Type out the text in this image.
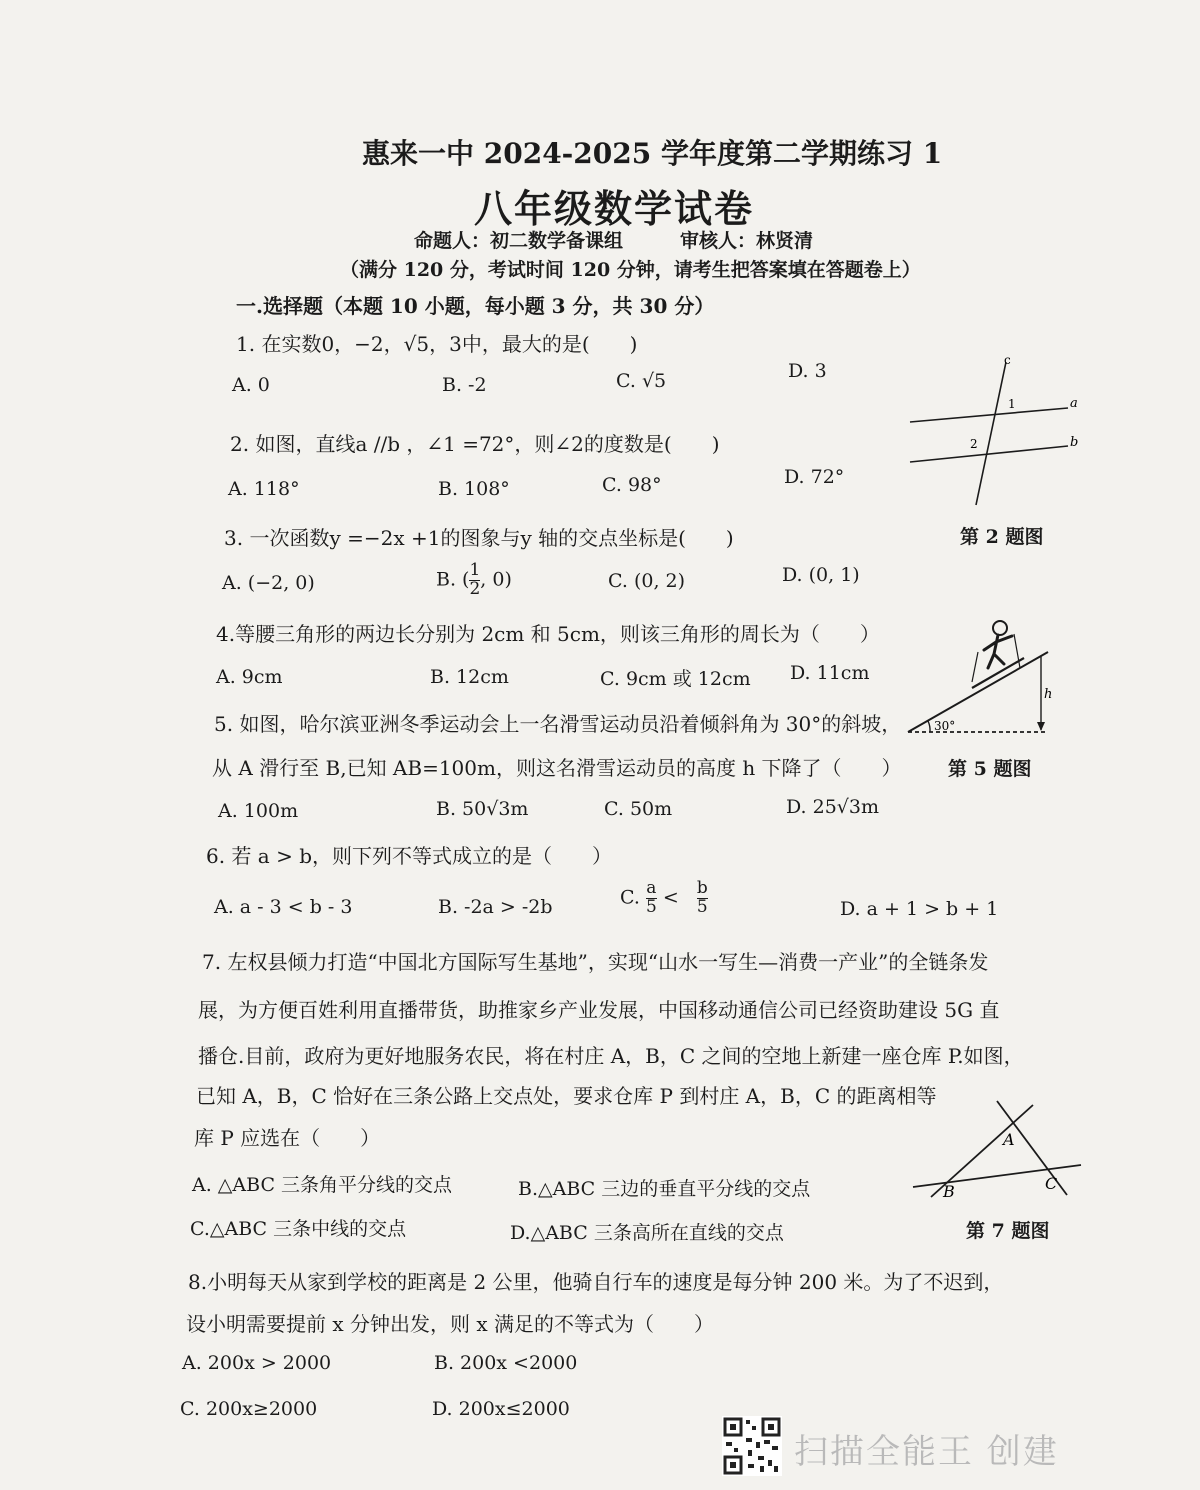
惠来一中 2024-2025 学年度第二学期练习 1
八年级数学试卷
命题人：初二数学备课组　　　审核人：林贤清
（满分 120 分，考试时间 120 分钟，请考生把答案填在答题卷上）
一.选择题（本题 10 小题，每小题 3 分，共 30 分）
1. 在实数0，−2，√5，3中，最大的是(　　)
A. 0	B. -2	C. √5	D. 3
2. 如图，直线a //b ，∠1 =72°，则∠2的度数是(　　)
A. 118°	B. 108°	C. 98°	D. 72°
3. 一次函数y =−2x +1的图象与y 轴的交点坐标是(　　)
A. (−2, 0)	B. ( $\frac{1}{2}$ , 0)	C. (0, 2)	D. (0, 1)
4.等腰三角形的两边长分别为 2cm 和 5cm，则该三角形的周长为（　　）
A. 9cm	B. 12cm	C. 9cm 或 12cm D. 11cm
5. 如图，哈尔滨亚洲冬季运动会上一名滑雪运动员沿着倾斜角为 30°的斜坡，
从 A 滑行至 B,已知 AB=100m，则这名滑雪运动员的高度 h 下降了（　　）
A. 100m	B. 50√3m	C. 50m	D. 25√3m
6. 若 a > b，则下列不等式成立的是（　　）
A. a - 3 < b - 3	B. -2a > -2b	C. $\frac{a}{5} < \frac{b}{5}$	D. a + 1 > b + 1
7. 左权县倾力打造“中国北方国际写生基地”，实现“山水一写生—消费一产业”的全链条发
展，为方便百姓利用直播带货，助推家乡产业发展，中国移动通信公司已经资助建设 5G 直
播仓.目前，政府为更好地服务农民，将在村庄 A，B，C 之间的空地上新建一座仓库 P.如图，
已知 A，B，C 恰好在三条公路上交点处，要求仓库 P 到村庄 A，B，C 的距离相等
库 P 应选在（　　）
A. △ABC 三条角平分线的交点	B.△ABC 三边的垂直平分线的交点
C.△ABC 三条中线的交点	D.△ABC 三条高所在直线的交点
8.小明每天从家到学校的距离是 2 公里，他骑自行车的速度是每分钟 200 米。为了不迟到，
设小明需要提前 x 分钟出发，则 x 满足的不等式为（　　）
A. 200x > 2000	B. 200x <2000
C. 200x≥2000	D. 200x≤2000
c
1	a
2	b
第 2 题图
h
30°
第 5 题图
A
B	C
第 7 题图
扫描全能王 创建
